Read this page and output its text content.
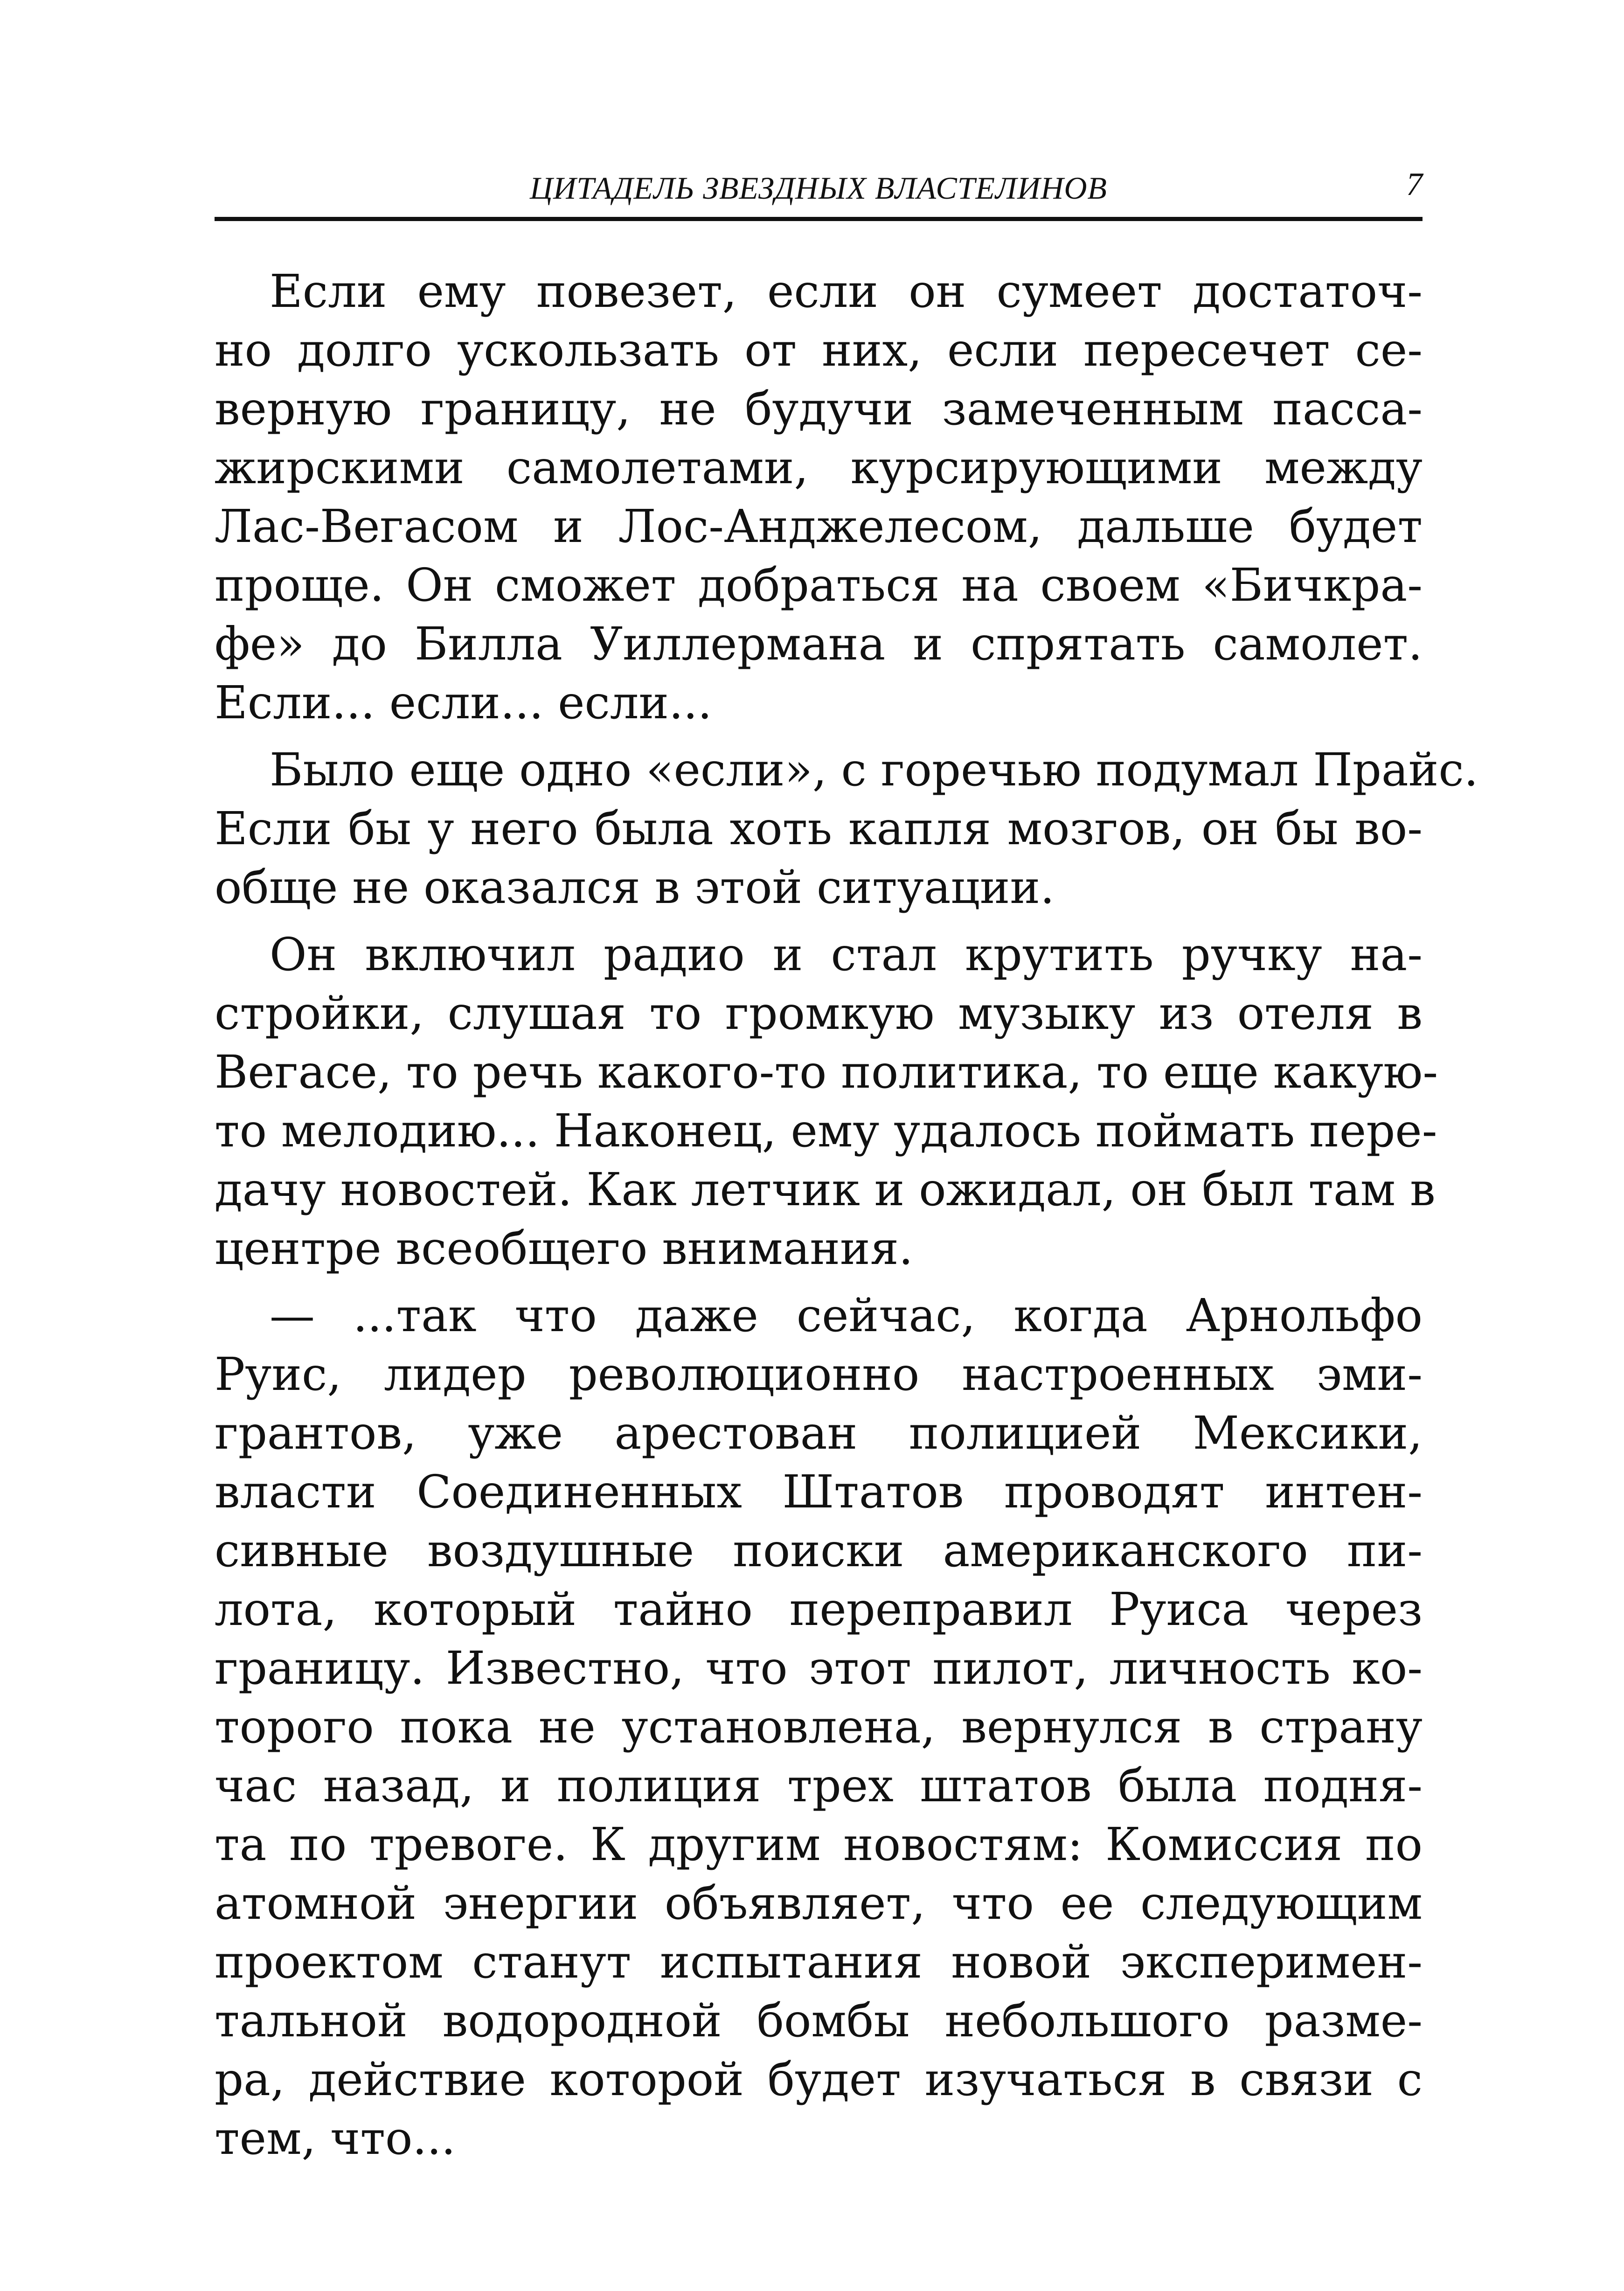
ЦИТАДЕЛЬ ЗВЕЗДНЫХ ВЛАСТЕЛИНОВ	7

Если ему повезет, если он сумеет достаточ-
но долго ускользать от них, если пересечет се-
верную границу, не будучи замеченным пасса-
жирскими самолетами, курсирующими между
Лас-Вегасом и Лос-Анджелесом, дальше будет
проще. Он сможет добраться на своем «Бичкра-
фе» до Билла Уиллермана и спрятать самолет.
Если... если... если...

Было еще одно «если», с горечью подумал Прайс.
Если бы у него была хоть капля мозгов, он бы во-
обще не оказался в этой ситуации.

Он включил радио и стал крутить ручку на-
стройки, слушая то громкую музыку из отеля в
Вегасе, то речь какого-то политика, то еще какую-
то мелодию... Наконец, ему удалось поймать пере-
дачу новостей. Как летчик и ожидал, он был там в
центре всеобщего внимания.

— ...так что даже сейчас, когда Арнольфо
Руис, лидер революционно настроенных эми-
грантов, уже арестован полицией Мексики,
власти Соединенных Штатов проводят интен-
сивные воздушные поиски американского пи-
лота, который тайно переправил Руиса через
границу. Известно, что этот пилот, личность ко-
торого пока не установлена, вернулся в страну
час назад, и полиция трех штатов была подня-
та по тревоге. К другим новостям: Комиссия по
атомной энергии объявляет, что ее следующим
проектом станут испытания новой эксперимен-
тальной водородной бомбы небольшого разме-
ра, действие которой будет изучаться в связи с
тем, что...
